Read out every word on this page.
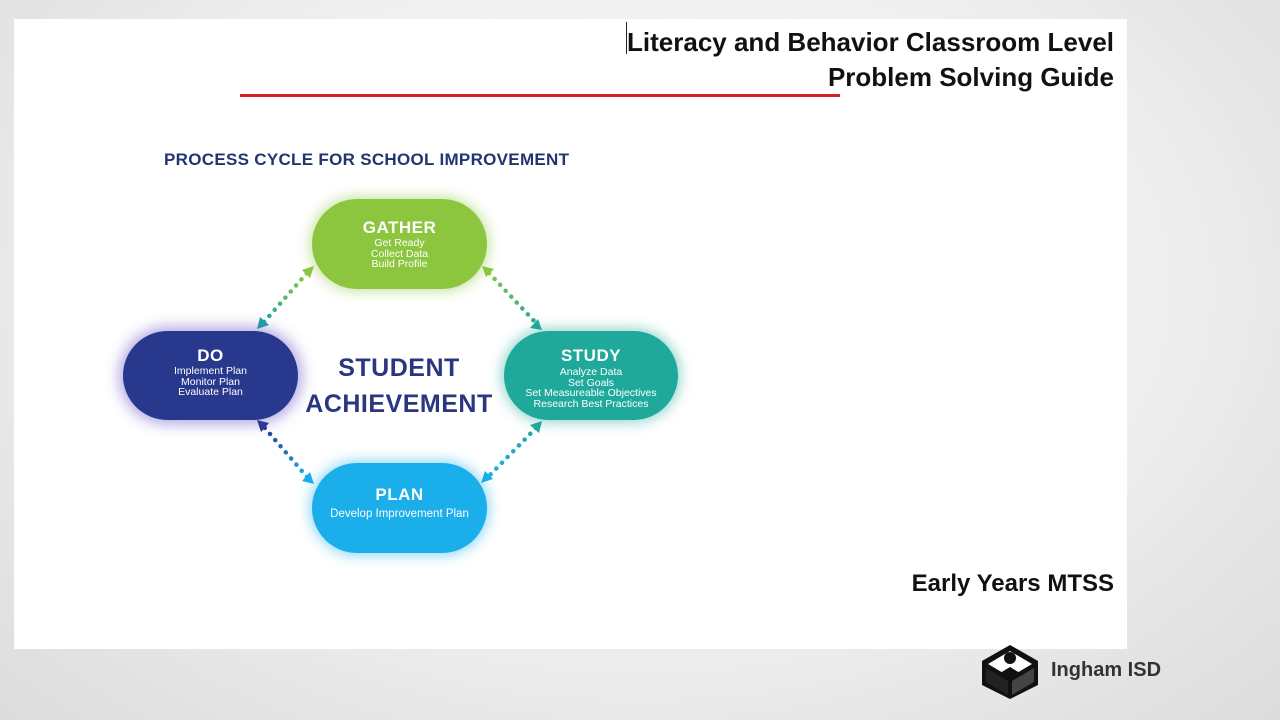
Literacy and Behavior Classroom Level
Problem Solving Guide
PROCESS CYCLE FOR SCHOOL IMPROVEMENT
GATHER
Get Ready
Collect Data
Build Profile
STUDY
Analyze Data
Set Goals
Set Measureable Objectives
Research Best Practices
PLAN
Develop Improvement Plan
DO
Implement Plan
Monitor Plan
Evaluate Plan
STUDENT
ACHIEVEMENT
Early Years MTSS
Ingham ISD
